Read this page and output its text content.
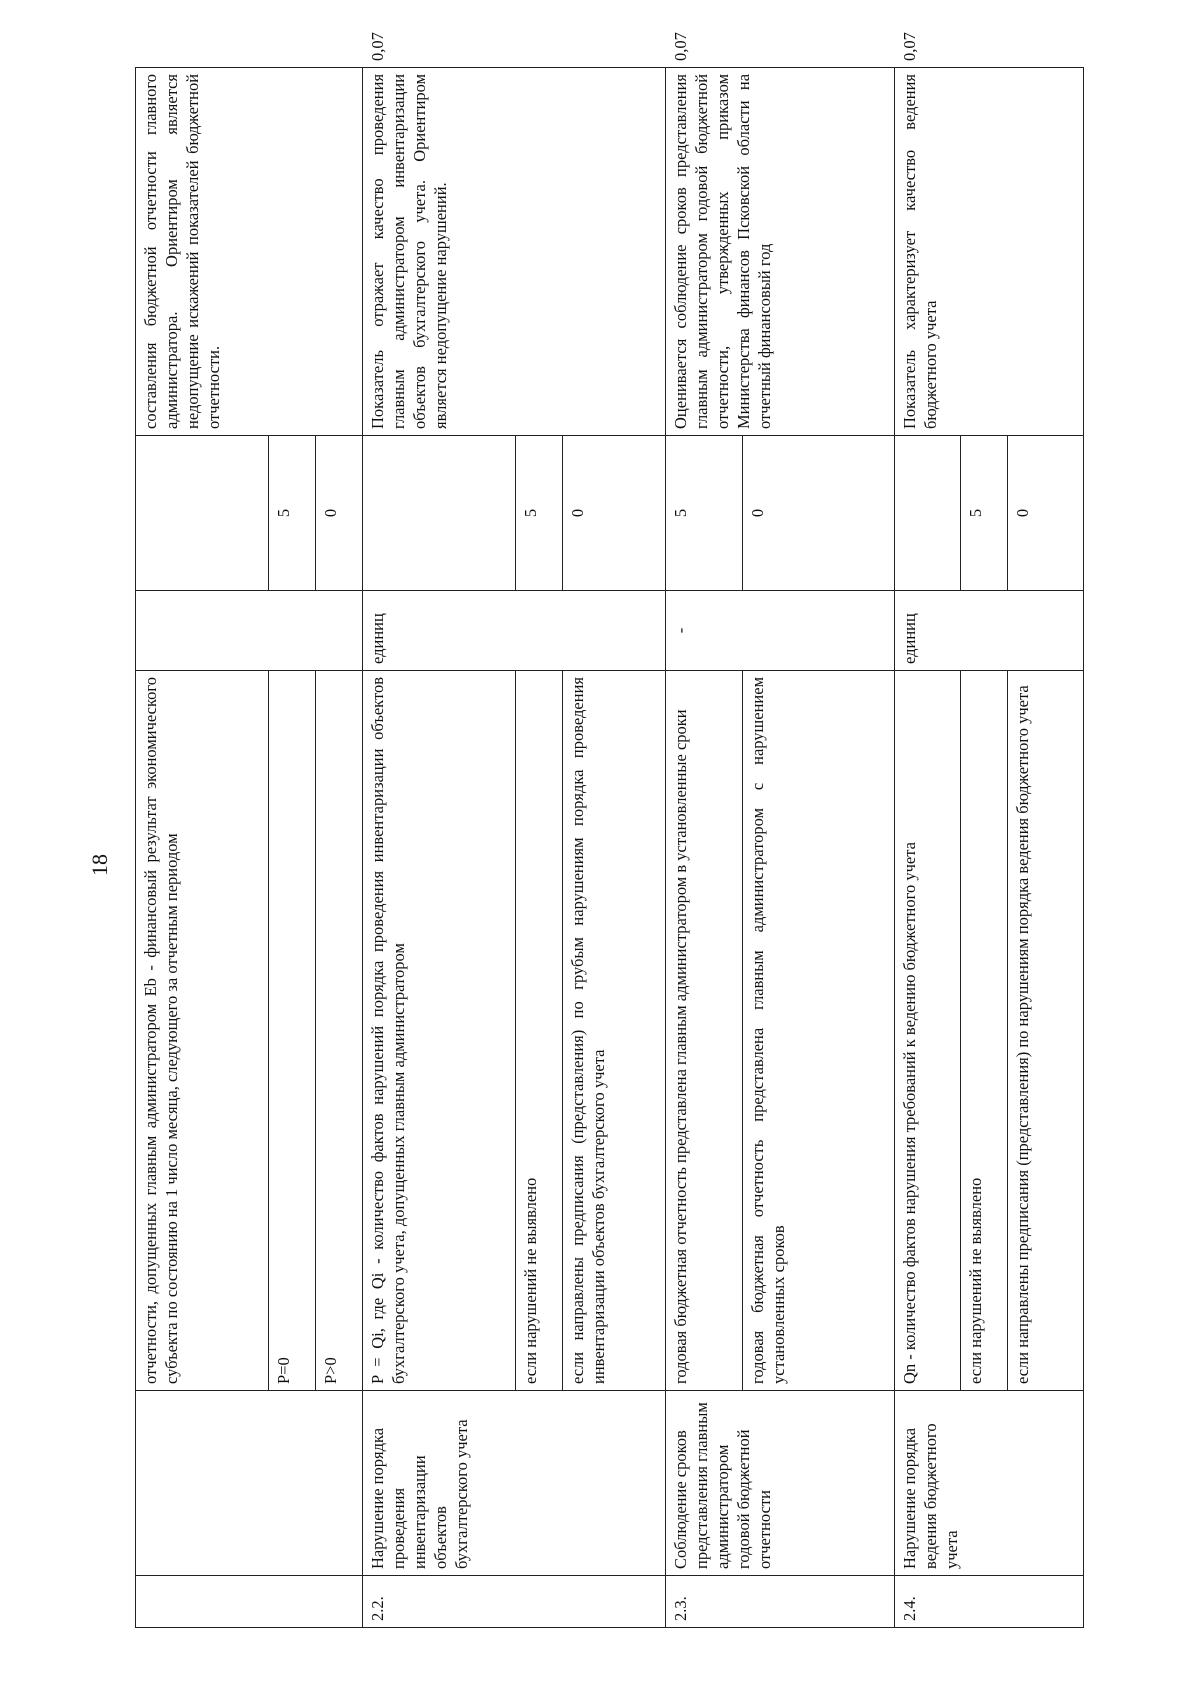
18
		отчетности, допущенных главным администратором Eb - финансовый результат экономического субъекта по состоянию на 1 число месяца, следующего за отчетным периодом			составления бюджетной отчетности главного администратора. Ориентиром является недопущение искажений показателей бюджетной отчетности.	
		P=0		5		
		P>0		0		
2.2.	Нарушение порядка проведения инвентаризации объектов бухгалтерского учета	P = Qi, где Qi - количество фактов нарушений порядка проведения инвентаризации объектов бухгалтерского учета, допущенных главным администратором	единиц		Показатель отражает качество проведения главным администратором инвентаризации объектов бухгалтерского учета. Ориентиром является недопущение нарушений.	0,07
		если нарушений не выявлено		5		
		если направлены предписания (представления) по грубым нарушениям порядка проведения инвентаризации объектов бухгалтерского учета		0		
2.3.	Соблюдение сроков представления главным администратором годовой бюджетной отчетности	годовая бюджетная отчетность представлена главным администратором в установленные сроки	-	5	Оценивается соблюдение сроков представления главным администратором годовой бюджетной отчетности, утвержденных приказом Министерства финансов Псковской области на отчетный финансовый год	0,07
		годовая бюджетная отчетность представлена главным администратором с нарушением установленных сроков		0		
2.4.	Нарушение порядка ведения бюджетного учета	Qn - количество фактов нарушения требований к ведению бюджетного учета	единиц		Показатель характеризует качество ведения бюджетного учета	0,07
		если нарушений не выявлено		5		
		если направлены предписания (представления) по нарушениям порядка ведения бюджетного учета		0		
